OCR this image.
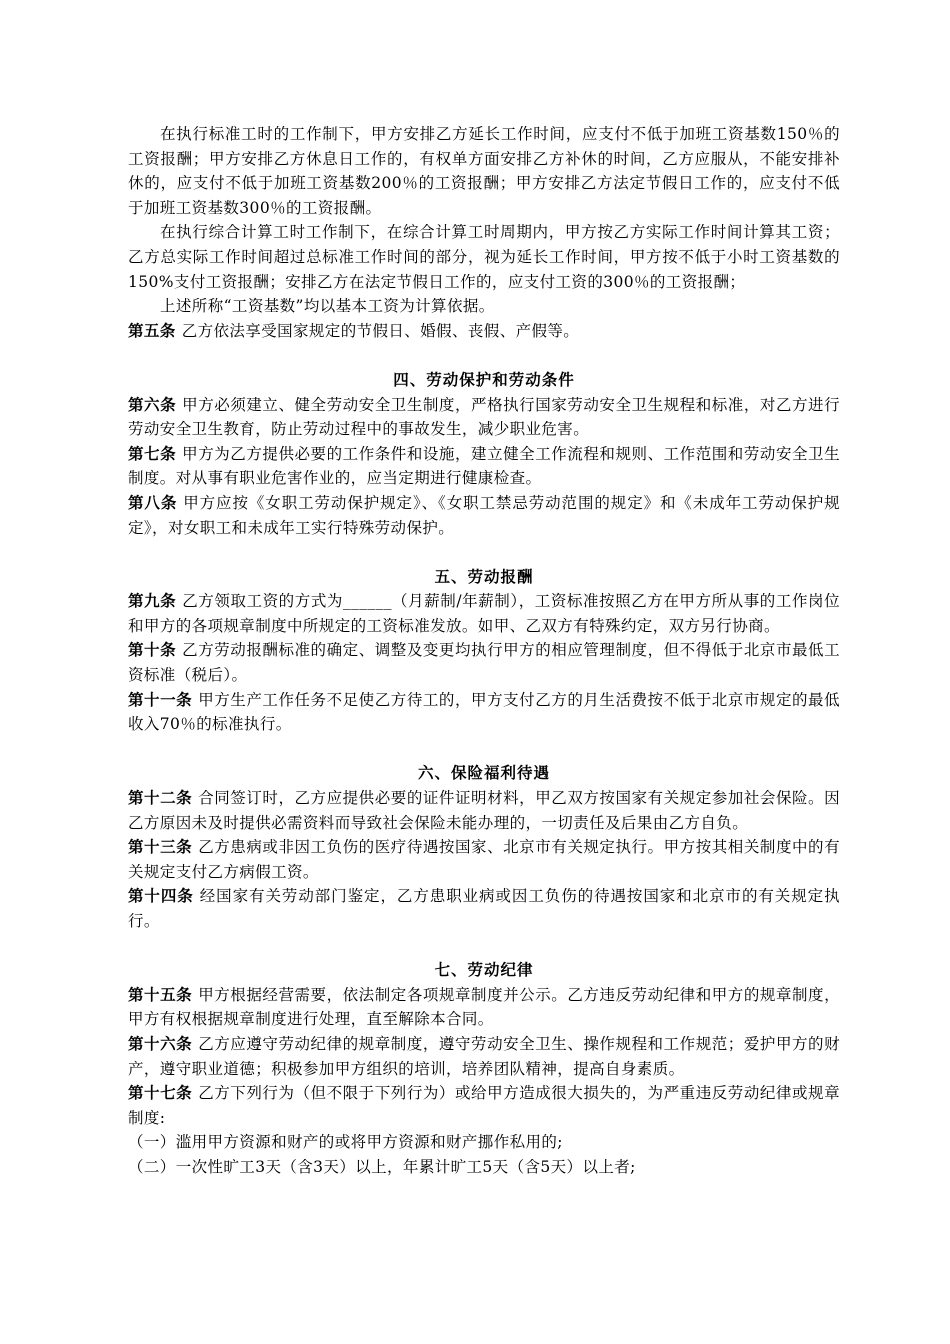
在执行标准工时的工作制下，甲方安排乙方延长工作时间，应支付不低于加班工资基数150％的工资报酬；甲方安排乙方休息日工作的，有权单方面安排乙方补休的时间，乙方应服从，不能安排补休的，应支付不低于加班工资基数200％的工资报酬；甲方安排乙方法定节假日工作的，应支付不低于加班工资基数300％的工资报酬。

在执行综合计算工时工作制下，在综合计算工时周期内，甲方按乙方实际工作时间计算其工资；乙方总实际工作时间超过总标准工作时间的部分，视为延长工作时间，甲方按不低于小时工资基数的150%支付工资报酬；安排乙方在法定节假日工作的，应支付工资的300％的工资报酬；

上述所称“工资基数”均以基本工资为计算依据。

第五条 乙方依法享受国家规定的节假日、婚假、丧假、产假等。

四、劳动保护和劳动条件

第六条 甲方必须建立、健全劳动安全卫生制度，严格执行国家劳动安全卫生规程和标准，对乙方进行劳动安全卫生教育，防止劳动过程中的事故发生，减少职业危害。

第七条 甲方为乙方提供必要的工作条件和设施，建立健全工作流程和规则、工作范围和劳动安全卫生制度。对从事有职业危害作业的，应当定期进行健康检查。

第八条 甲方应按《女职工劳动保护规定》、《女职工禁忌劳动范围的规定》和《未成年工劳动保护规定》，对女职工和未成年工实行特殊劳动保护。

五、劳动报酬

第九条 乙方领取工资的方式为______（月薪制/年薪制），工资标准按照乙方在甲方所从事的工作岗位和甲方的各项规章制度中所规定的工资标准发放。如甲、乙双方有特殊约定，双方另行协商。

第十条 乙方劳动报酬标准的确定、调整及变更均执行甲方的相应管理制度，但不得低于北京市最低工资标准（税后）。

第十一条 甲方生产工作任务不足使乙方待工的，甲方支付乙方的月生活费按不低于北京市规定的最低收入70％的标准执行。

六、保险福利待遇

第十二条 合同签订时，乙方应提供必要的证件证明材料，甲乙双方按国家有关规定参加社会保险。因乙方原因未及时提供必需资料而导致社会保险未能办理的，一切责任及后果由乙方自负。

第十三条 乙方患病或非因工负伤的医疗待遇按国家、北京市有关规定执行。甲方按其相关制度中的有关规定支付乙方病假工资。

第十四条 经国家有关劳动部门鉴定，乙方患职业病或因工负伤的待遇按国家和北京市的有关规定执行。

七、劳动纪律

第十五条 甲方根据经营需要，依法制定各项规章制度并公示。乙方违反劳动纪律和甲方的规章制度，甲方有权根据规章制度进行处理，直至解除本合同。

第十六条 乙方应遵守劳动纪律的规章制度，遵守劳动安全卫生、操作规程和工作规范；爱护甲方的财产，遵守职业道德；积极参加甲方组织的培训，培养团队精神，提高自身素质。

第十七条 乙方下列行为（但不限于下列行为）或给甲方造成很大损失的，为严重违反劳动纪律或规章制度:

（一）滥用甲方资源和财产的或将甲方资源和财产挪作私用的;

（二）一次性旷工3天（含3天）以上，年累计旷工5天（含5天）以上者;
